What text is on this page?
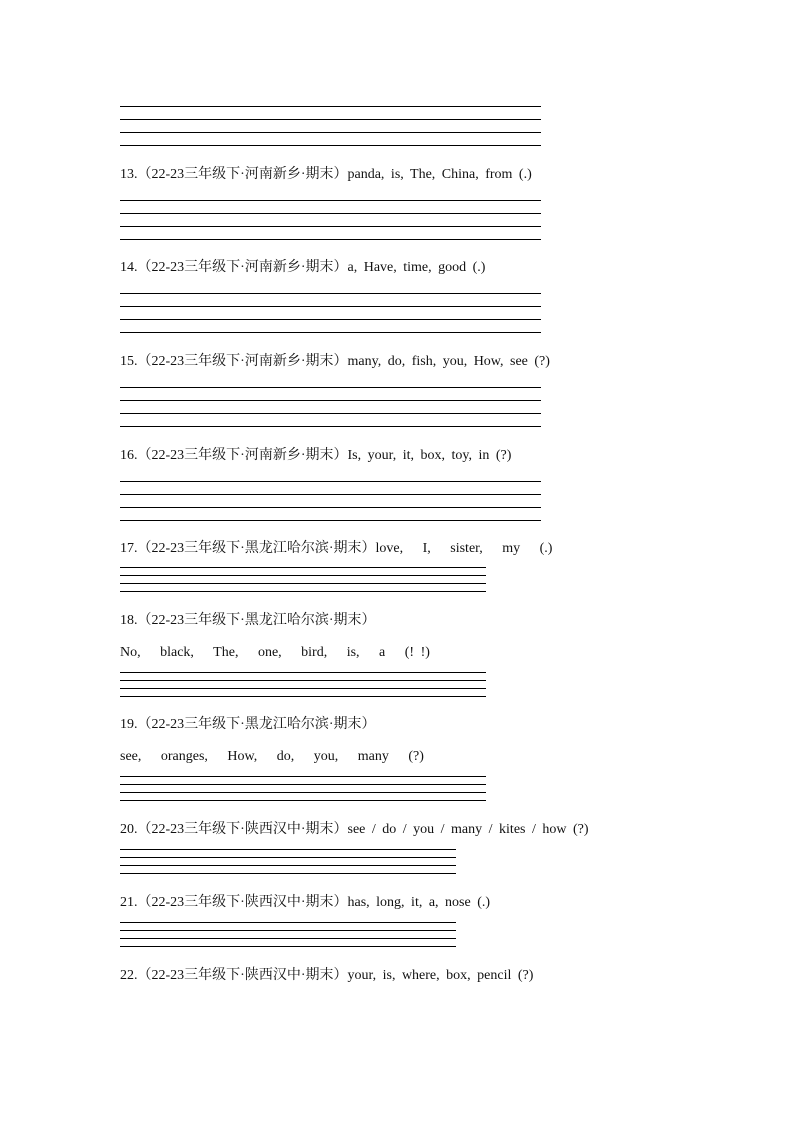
13.（22-23三年级下·河南新乡·期末）panda, is, The, China, from (.)
14.（22-23三年级下·河南新乡·期末）a, Have, time, good (.)
15.（22-23三年级下·河南新乡·期末）many, do, fish, you, How, see (?)
16.（22-23三年级下·河南新乡·期末）Is, your, it, box, toy, in (?)
17.（22-23三年级下·黑龙江哈尔滨·期末）love,   I,   sister,   my   (.)
18.（22-23三年级下·黑龙江哈尔滨·期末）
No,   black,   The,   one,   bird,   is,   a   (! !)
19.（22-23三年级下·黑龙江哈尔滨·期末）
see,   oranges,   How,   do,   you,   many   (?)
20.（22-23三年级下·陕西汉中·期末）see / do / you / many / kites / how (?)
21.（22-23三年级下·陕西汉中·期末）has, long, it, a, nose (.)
22.（22-23三年级下·陕西汉中·期末）your, is, where, box, pencil (?)
